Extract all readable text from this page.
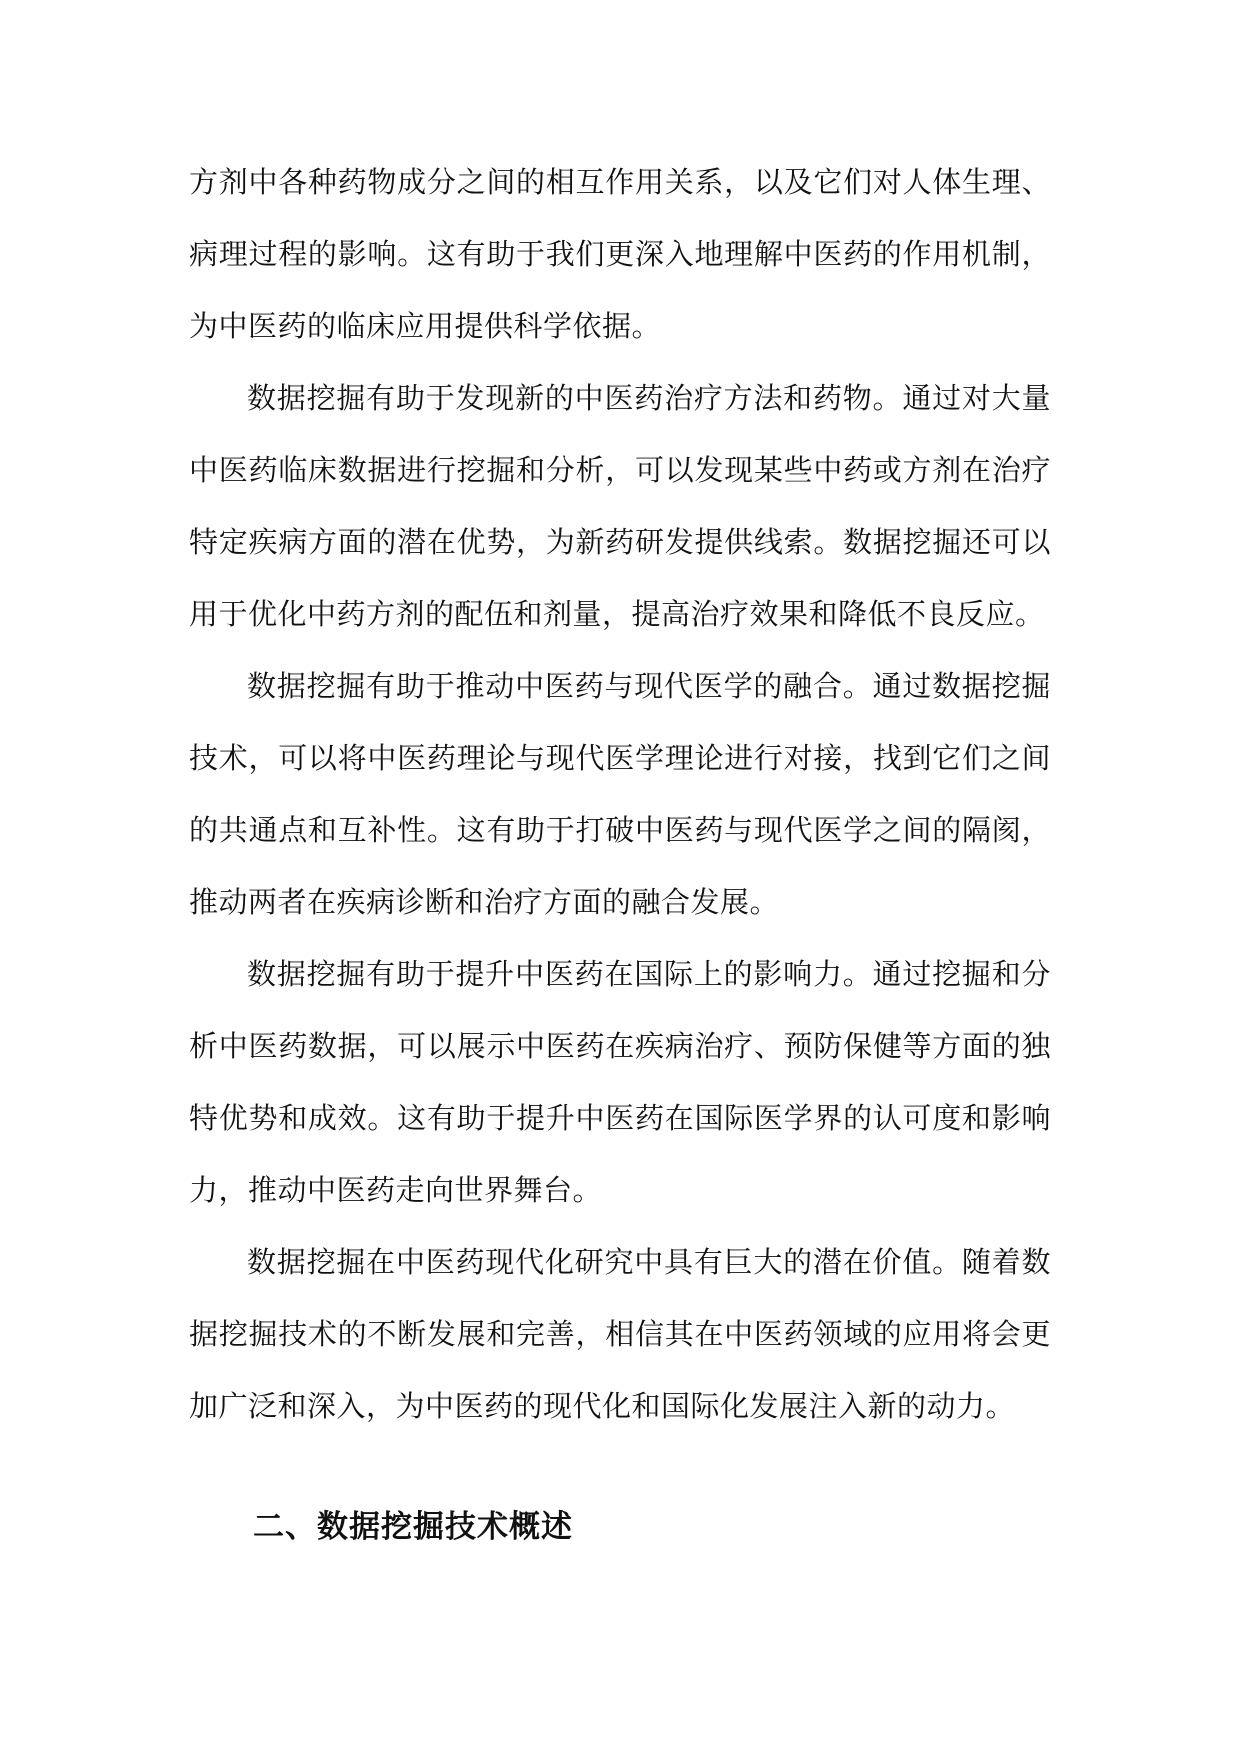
方剂中各种药物成分之间的相互作用关系，以及它们对人体生理、病理过程的影响。这有助于我们更深入地理解中医药的作用机制，为中医药的临床应用提供科学依据。

数据挖掘有助于发现新的中医药治疗方法和药物。通过对大量中医药临床数据进行挖掘和分析，可以发现某些中药或方剂在治疗特定疾病方面的潜在优势，为新药研发提供线索。数据挖掘还可以用于优化中药方剂的配伍和剂量，提高治疗效果和降低不良反应。

数据挖掘有助于推动中医药与现代医学的融合。通过数据挖掘技术，可以将中医药理论与现代医学理论进行对接，找到它们之间的共通点和互补性。这有助于打破中医药与现代医学之间的隔阂，推动两者在疾病诊断和治疗方面的融合发展。

数据挖掘有助于提升中医药在国际上的影响力。通过挖掘和分析中医药数据，可以展示中医药在疾病治疗、预防保健等方面的独特优势和成效。这有助于提升中医药在国际医学界的认可度和影响力，推动中医药走向世界舞台。

数据挖掘在中医药现代化研究中具有巨大的潜在价值。随着数据挖掘技术的不断发展和完善，相信其在中医药领域的应用将会更加广泛和深入，为中医药的现代化和国际化发展注入新的动力。

二、数据挖掘技术概述
